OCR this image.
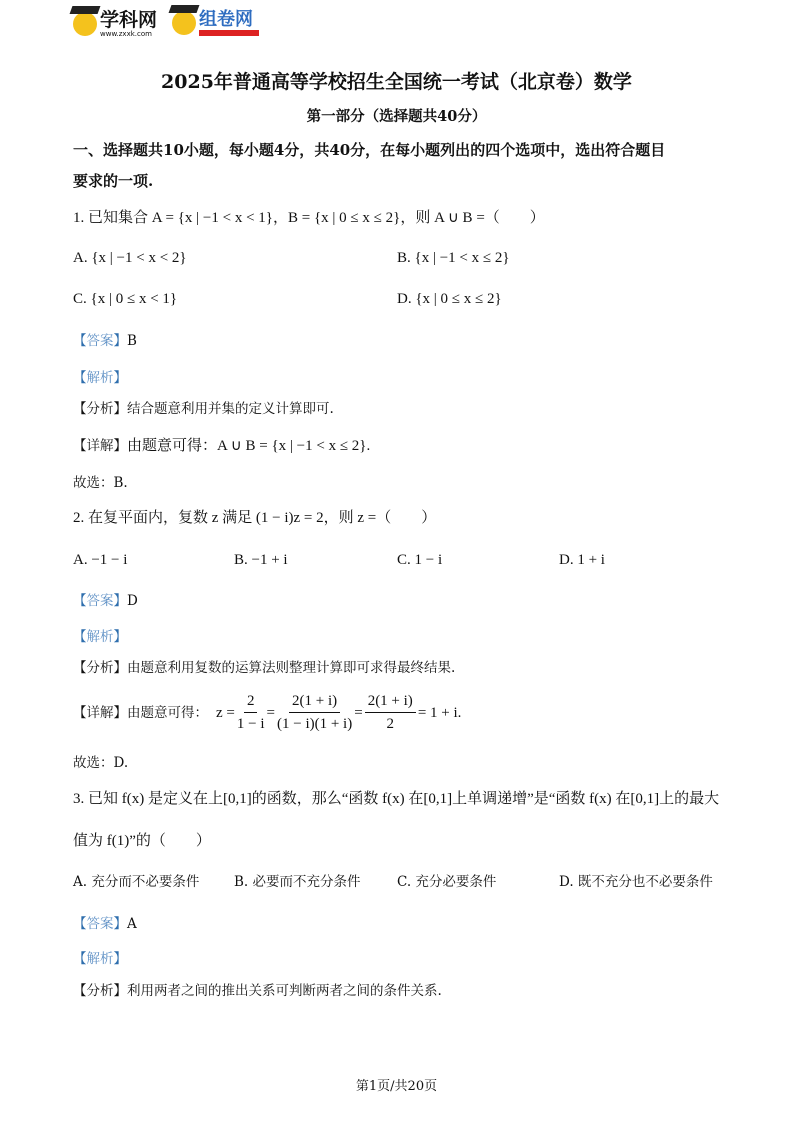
学科网
www.zxxk.com
组卷网
2025年普通高等学校招生全国统一考试（北京卷）数学
第一部分（选择题共40分）
一、选择题共10小题，每小题4分，共40分，在每小题列出的四个选项中，选出符合题目
要求的一项.
1. 已知集合 A = {x | −1 < x < 1}，B = {x | 0 ≤ x ≤ 2}，则 A ∪ B =（　　）
A. {x | −1 < x < 2}	B. {x | −1 < x ≤ 2}
C. {x | 0 ≤ x < 1}	D. {x | 0 ≤ x ≤ 2}
【答案】B
【解析】
【分析】结合题意利用并集的定义计算即可.
【详解】由题意可得：A ∪ B = {x | −1 < x ≤ 2}.
故选：B.
2. 在复平面内，复数 z 满足 (1 − i)z = 2，则 z =（　　）
A. −1 − i	B. −1 + i	C. 1 − i	D. 1 + i
【答案】D
【解析】
【分析】由题意利用复数的运算法则整理计算即可求得最终结果.
【详解】 由题意可得： $z = \frac{2}{1 - i} = \frac{2(1 + i)}{(1 - i)(1 + i)} = \frac{2(1 + i)}{2} = 1 + i$.
故选：D.
3. 已知 f(x) 是定义在上[0,1]的函数，那么“函数 f(x) 在[0,1]上单调递增”是“函数 f(x) 在[0,1]上的最大
值为 f(1)”的（　　）
A. 充分而不必要条件	B. 必要而不充分条件	C. 充分必要条件	D. 既不充分也不必要条件
【答案】A
【解析】
【分析】利用两者之间的推出关系可判断两者之间的条件关系.
第1页/共20页
